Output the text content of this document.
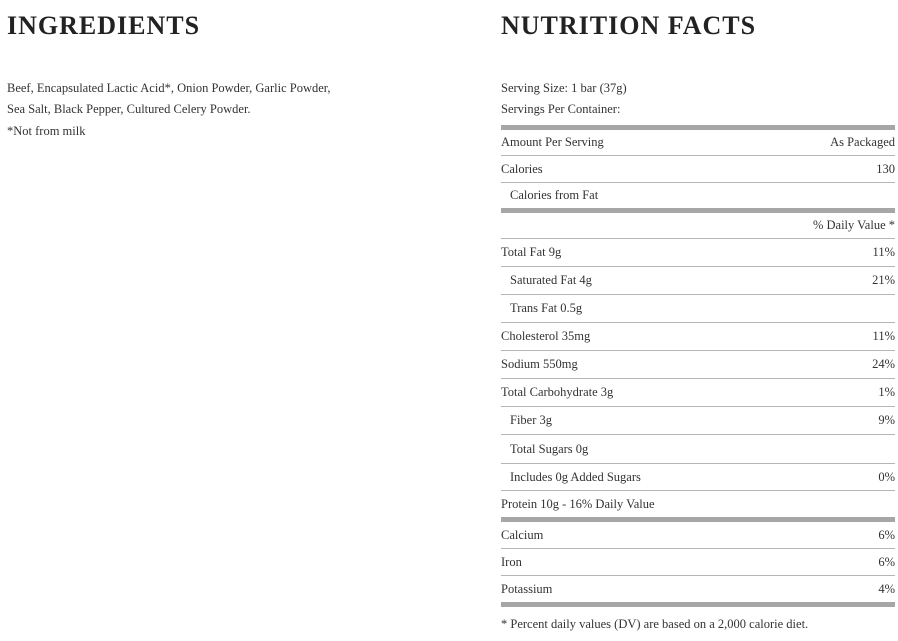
INGREDIENTS
Beef, Encapsulated Lactic Acid*, Onion Powder, Garlic Powder,
Sea Salt, Black Pepper, Cultured Celery Powder.
*Not from milk
NUTRITION FACTS
Serving Size: 1 bar (37g)
Servings Per Container:
Amount Per Serving	As Packaged
Calories	130
Calories from Fat
% Daily Value *
Total Fat 9g	11%
Saturated Fat 4g	21%
Trans Fat 0.5g
Cholesterol 35mg	11%
Sodium 550mg	24%
Total Carbohydrate 3g	1%
Fiber 3g	9%
Total Sugars 0g
Includes 0g Added Sugars	0%
Protein 10g - 16% Daily Value
Calcium	6%
Iron	6%
Potassium	4%
* Percent daily values (DV) are based on a 2,000 calorie diet.
